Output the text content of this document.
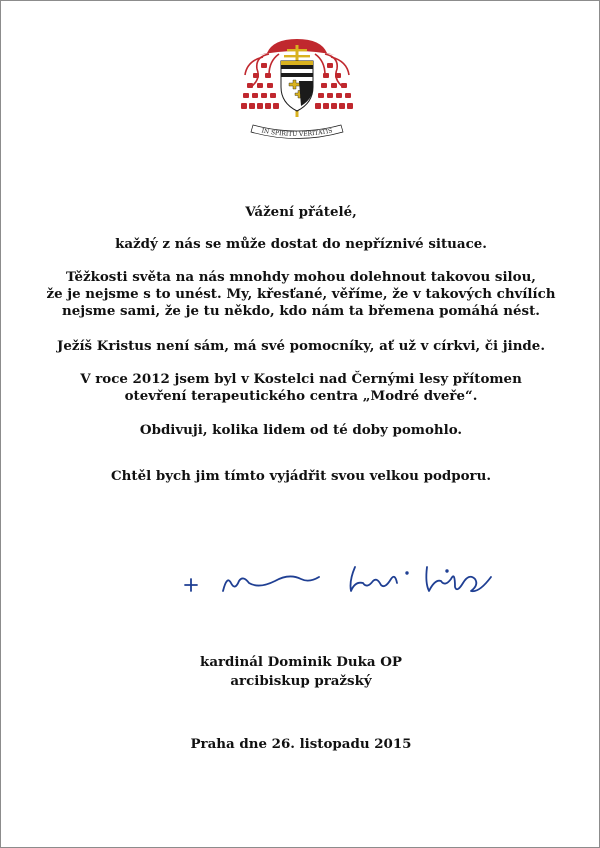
IN SPIRITU VERITATIS
Vážení přátelé,
každý z nás se může dostat do nepříznivé situace.
Těžkosti světa na nás mnohdy mohou dolehnout takovou silou,
že je nejsme s to unést. My, křesťané, věříme, že v takových chvílích
nejsme sami, že je tu někdo, kdo nám ta břemena pomáhá nést.
Ježíš Kristus není sám, má své pomocníky, ať už v církvi, či jinde.
V roce 2012 jsem byl v Kostelci nad Černými lesy přítomen
otevření terapeutického centra „Modré dveře“.
Obdivuji, kolika lidem od té doby pomohlo.
Chtěl bych jim tímto vyjádřit svou velkou podporu.
kardinál Dominik Duka OP
arcibiskup pražský
Praha dne 26. listopadu 2015
